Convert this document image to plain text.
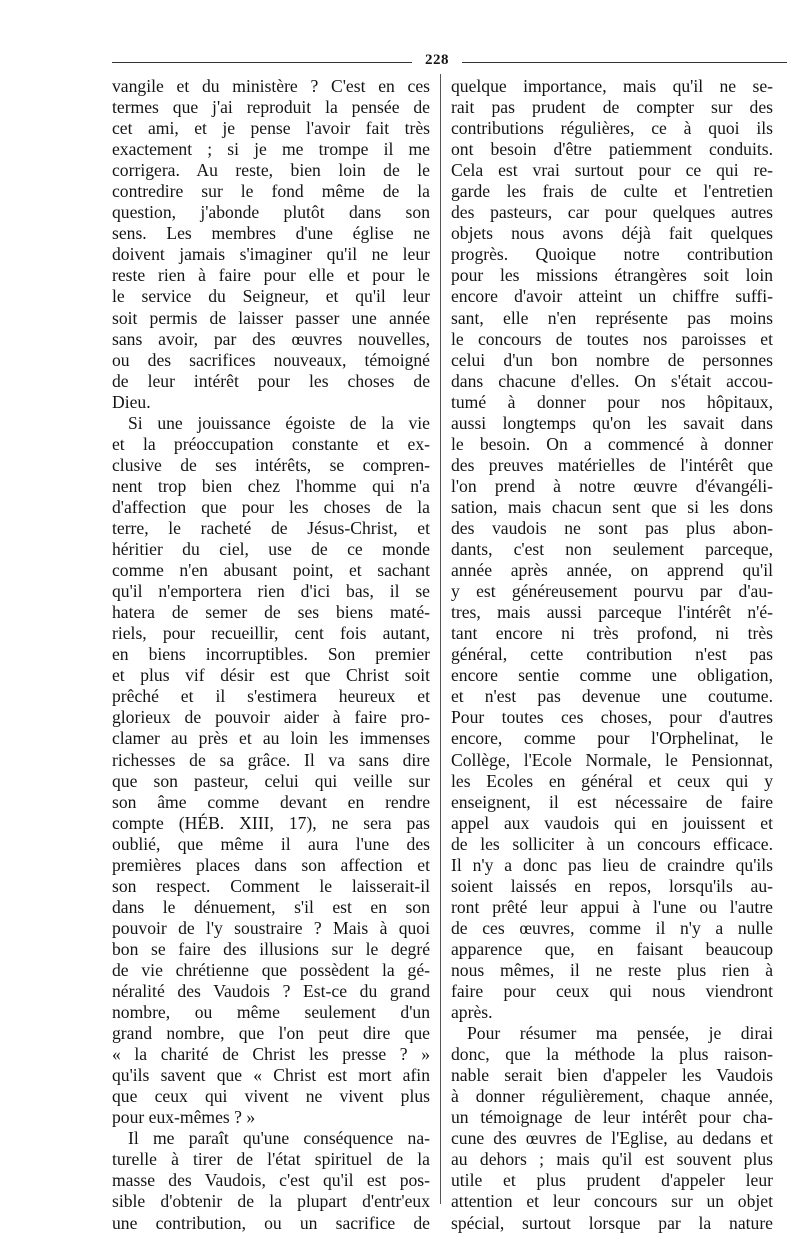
228
vangile et du ministère ? C'est en ces
termes que j'ai reproduit la pensée de
cet ami, et je pense l'avoir fait très
exactement ; si je me trompe il me
corrigera. Au reste, bien loin de le
contredire sur le fond même de la
question, j'abonde plutôt dans son
sens. Les membres d'une église ne
doivent jamais s'imaginer qu'il ne leur
reste rien à faire pour elle et pour le
le service du Seigneur, et qu'il leur
soit permis de laisser passer une année
sans avoir, par des œuvres nouvelles,
ou des sacrifices nouveaux, témoigné
de leur intérêt pour les choses de
Dieu.
Si une jouissance égoiste de la vie
et la préoccupation constante et ex-
clusive de ses intérêts, se compren-
nent trop bien chez l'homme qui n'a
d'affection que pour les choses de la
terre, le racheté de Jésus-Christ, et
héritier du ciel, use de ce monde
comme n'en abusant point, et sachant
qu'il n'emportera rien d'ici bas, il se
hatera de semer de ses biens maté-
riels, pour recueillir, cent fois autant,
en biens incorruptibles. Son premier
et plus vif désir est que Christ soit
prêché et il s'estimera heureux et
glorieux de pouvoir aider à faire pro-
clamer au près et au loin les immenses
richesses de sa grâce. Il va sans dire
que son pasteur, celui qui veille sur
son âme comme devant en rendre
compte (HÉB. XIII, 17), ne sera pas
oublié, que même il aura l'une des
premières places dans son affection et
son respect. Comment le laisserait-il
dans le dénuement, s'il est en son
pouvoir de l'y soustraire ? Mais à quoi
bon se faire des illusions sur le degré
de vie chrétienne que possèdent la gé-
néralité des Vaudois ? Est-ce du grand
nombre, ou même seulement d'un
grand nombre, que l'on peut dire que
« la charité de Christ les presse ? »
qu'ils savent que « Christ est mort afin
que ceux qui vivent ne vivent plus
pour eux-mêmes ? »
Il me paraît qu'une conséquence na-
turelle à tirer de l'état spirituel de la
masse des Vaudois, c'est qu'il est pos-
sible d'obtenir de la plupart d'entr'eux
une contribution, ou un sacrifice de
quelque importance, mais qu'il ne se-
rait pas prudent de compter sur des
contributions régulières, ce à quoi ils
ont besoin d'être patiemment conduits.
Cela est vrai surtout pour ce qui re-
garde les frais de culte et l'entretien
des pasteurs, car pour quelques autres
objets nous avons déjà fait quelques
progrès. Quoique notre contribution
pour les missions étrangères soit loin
encore d'avoir atteint un chiffre suffi-
sant, elle n'en représente pas moins
le concours de toutes nos paroisses et
celui d'un bon nombre de personnes
dans chacune d'elles. On s'était accou-
tumé à donner pour nos hôpitaux,
aussi longtemps qu'on les savait dans
le besoin. On a commencé à donner
des preuves matérielles de l'intérêt que
l'on prend à notre œuvre d'évangéli-
sation, mais chacun sent que si les dons
des vaudois ne sont pas plus abon-
dants, c'est non seulement parceque,
année après année, on apprend qu'il
y est généreusement pourvu par d'au-
tres, mais aussi parceque l'intérêt n'é-
tant encore ni très profond, ni très
général, cette contribution n'est pas
encore sentie comme une obligation,
et n'est pas devenue une coutume.
Pour toutes ces choses, pour d'autres
encore, comme pour l'Orphelinat, le
Collège, l'Ecole Normale, le Pensionnat,
les Ecoles en général et ceux qui y
enseignent, il est nécessaire de faire
appel aux vaudois qui en jouissent et
de les solliciter à un concours efficace.
Il n'y a donc pas lieu de craindre qu'ils
soient laissés en repos, lorsqu'ils au-
ront prêté leur appui à l'une ou l'autre
de ces œuvres, comme il n'y a nulle
apparence que, en faisant beaucoup
nous mêmes, il ne reste plus rien à
faire pour ceux qui nous viendront
après.
Pour résumer ma pensée, je dirai
donc, que la méthode la plus raison-
nable serait bien d'appeler les Vaudois
à donner régulièrement, chaque année,
un témoignage de leur intérêt pour cha-
cune des œuvres de l'Eglise, au dedans et
au dehors ; mais qu'il est souvent plus
utile et plus prudent d'appeler leur
attention et leur concours sur un objet
spécial, surtout lorsque par la nature
